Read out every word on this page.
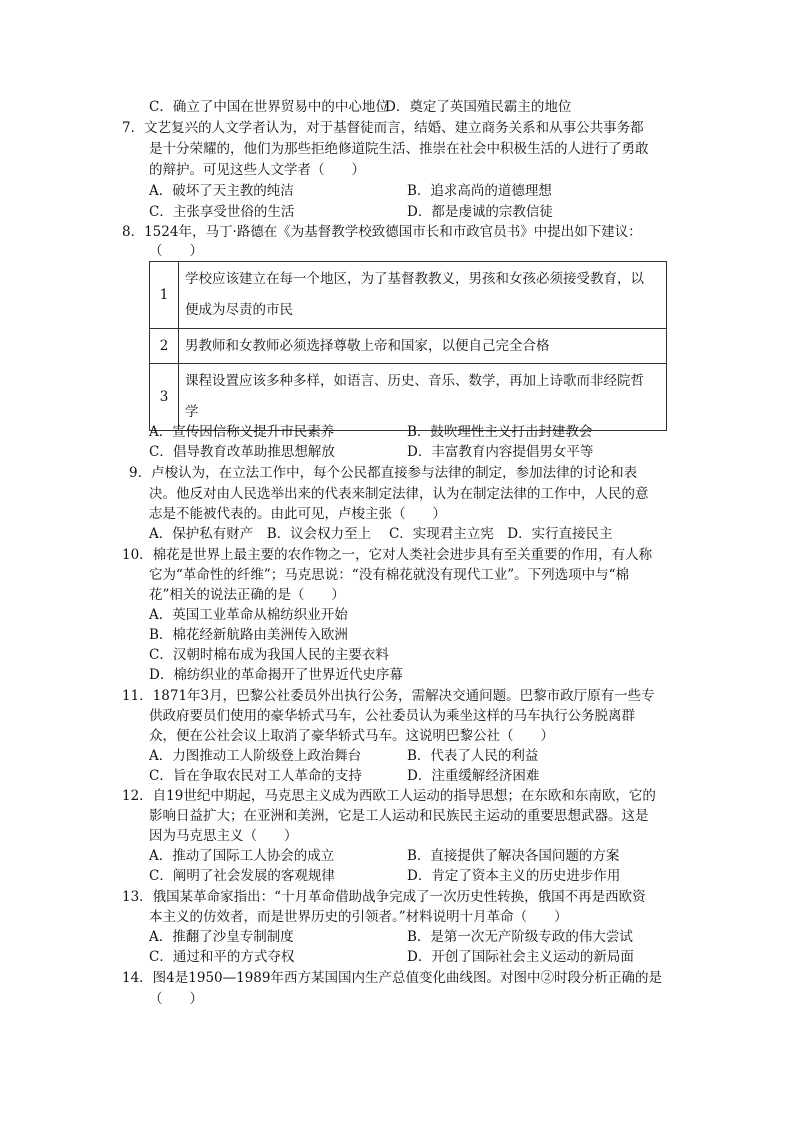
C．确立了中国在世界贸易中的中心地位
D．奠定了英国殖民霸主的地位
7．文艺复兴的人文学者认为，对于基督徒而言，结婚、建立商务关系和从事公共事务都
是十分荣耀的，他们为那些拒绝修道院生活、推崇在社会中积极生活的人进行了勇敢
的辩护。可见这些人文学者（　　）
A．破坏了天主教的纯洁	B．追求高尚的道德理想
C．主张享受世俗的生活	D．都是虔诚的宗教信徒
8．1524年，马丁·路德在《为基督教学校致德国市长和市政官员书》中提出如下建议：
（　　）
1	学校应该建立在每一个地区，为了基督教教义，男孩和女孩必须接受教育，以
便成为尽责的市民

2	男教师和女教师必须选择尊敬上帝和国家，以便自己完全合格

3	课程设置应该多种多样，如语言、历史、音乐、数学，再加上诗歌而非经院哲
学
A．宣传因信称义提升市民素养	B．鼓吹理性主义打击封建教会
C．倡导教育改革助推思想解放	D．丰富教育内容提倡男女平等
9．卢梭认为，在立法工作中，每个公民都直接参与法律的制定，参加法律的讨论和表
决。他反对由人民选举出来的代表来制定法律，认为在制定法律的工作中，人民的意
志是不能被代表的。由此可见，卢梭主张（　　）
A．保护私有财产　B．议会权力至上　 C．实现君主立宪　D．实行直接民主
10．棉花是世界上最主要的农作物之一，它对人类社会进步具有至关重要的作用，有人称
它为“革命性的纤维”；马克思说：“没有棉花就没有现代工业”。下列选项中与“棉
花”相关的说法正确的是（　　）
A．英国工业革命从棉纺织业开始
B．棉花经新航路由美洲传入欧洲
C．汉朝时棉布成为我国人民的主要衣料
D．棉纺织业的革命揭开了世界近代史序幕
11．1871年3月，巴黎公社委员外出执行公务，需解决交通问题。巴黎市政厅原有一些专
供政府要员们使用的豪华轿式马车，公社委员认为乘坐这样的马车执行公务脱离群
众，便在公社会议上取消了豪华轿式马车。这说明巴黎公社（　　）
A．力图推动工人阶级登上政治舞台	B．代表了人民的利益
C．旨在争取农民对工人革命的支持	D．注重缓解经济困难
12．自19世纪中期起，马克思主义成为西欧工人运动的指导思想；在东欧和东南欧，它的
影响日益扩大；在亚洲和美洲，它是工人运动和民族民主运动的重要思想武器。这是
因为马克思主义（　　）
A．推动了国际工人协会的成立	B．直接提供了解决各国问题的方案
C．阐明了社会发展的客观规律	D．肯定了资本主义的历史进步作用
13．俄国某革命家指出：“十月革命借助战争完成了一次历史性转换，俄国不再是西欧资
本主义的仿效者，而是世界历史的引领者。”材料说明十月革命（　　）
A．推翻了沙皇专制制度	B．是第一次无产阶级专政的伟大尝试
C．通过和平的方式夺权	D．开创了国际社会主义运动的新局面
14．图4是1950—1989年西方某国国内生产总值变化曲线图。对图中②时段分析正确的是
（　　）
